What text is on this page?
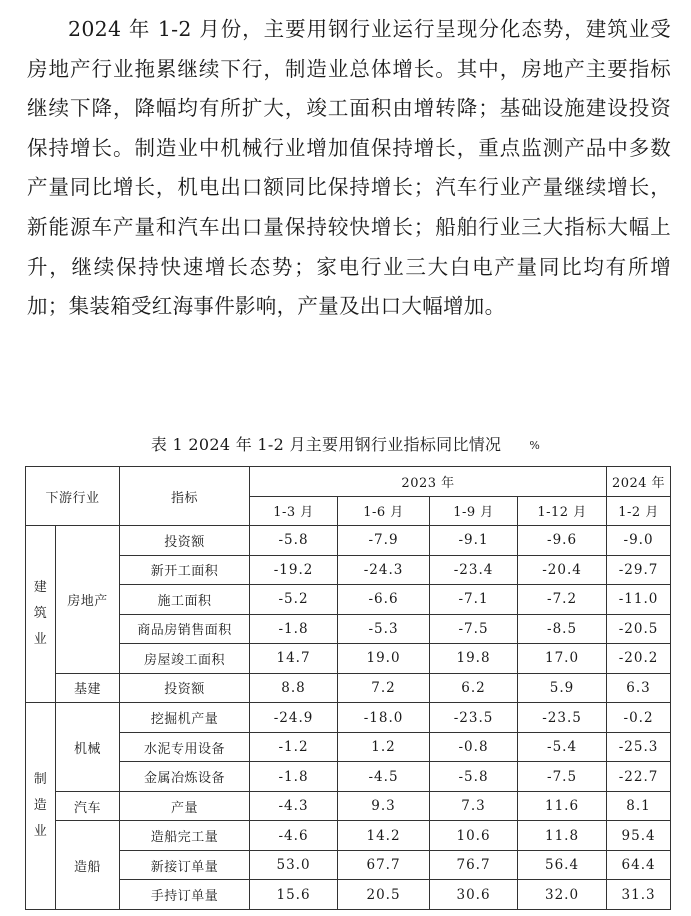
2024 年 1-2 月份，主要用钢行业运行呈现分化态势，建筑业受房地产行业拖累继续下行，制造业总体增长。其中，房地产主要指标继续下降，降幅均有所扩大，竣工面积由增转降；基础设施建设投资保持增长。制造业中机械行业增加值保持增长，重点监测产品中多数产量同比增长，机电出口额同比保持增长；汽车行业产量继续增长，新能源车产量和汽车出口量保持较快增长；船舶行业三大指标大幅上升，继续保持快速增长态势；家电行业三大白电产量同比均有所增加；集装箱受红海事件影响，产量及出口大幅增加。
表 1 2024 年 1-2 月主要用钢行业指标同比情况	%
下游行业		指标	2023 年				2024 年
			1-3 月	1-6 月	1-9 月	1-12 月	1-2 月
建
筑
业	房地产	投资额	-5.8	-7.9	-9.1	-9.6	-9.0
		新开工面积	-19.2	-24.3	-23.4	-20.4	-29.7
		施工面积	-5.2	-6.6	-7.1	-7.2	-11.0
		商品房销售面积	-1.8	-5.3	-7.5	-8.5	-20.5
		房屋竣工面积	14.7	19.0	19.8	17.0	-20.2
	基建	投资额	8.8	7.2	6.2	5.9	6.3
制
造
业	机械	挖掘机产量	-24.9	-18.0	-23.5	-23.5	-0.2
		水泥专用设备	-1.2	1.2	-0.8	-5.4	-25.3
		金属冶炼设备	-1.8	-4.5	-5.8	-7.5	-22.7
	汽车	产量	-4.3	9.3	7.3	11.6	8.1
	造船	造船完工量	-4.6	14.2	10.6	11.8	95.4
		新接订单量	53.0	67.7	76.7	56.4	64.4
		手持订单量	15.6	20.5	30.6	32.0	31.3
